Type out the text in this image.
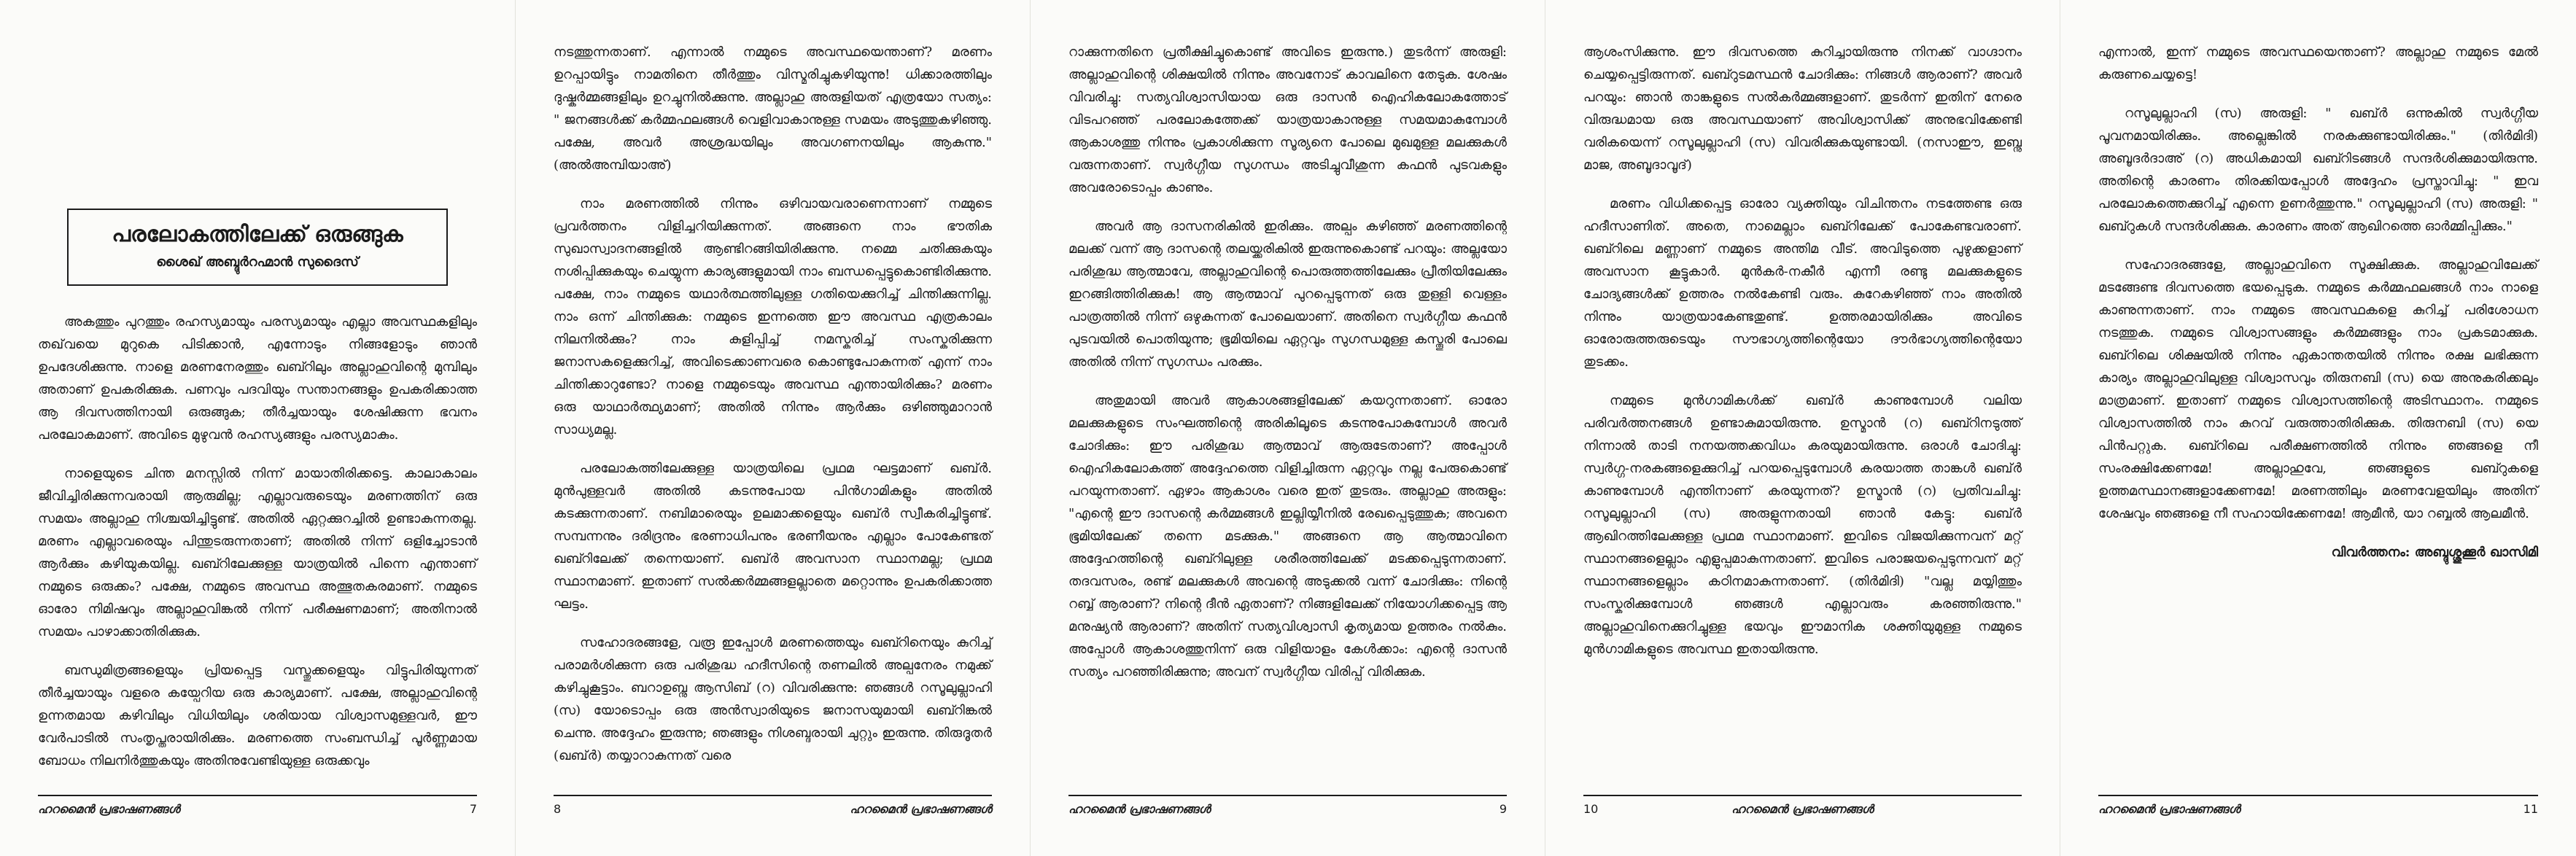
പരലോകത്തിലേക്ക് ഒരുങ്ങുക
ശൈഖ് അബ്ദുർറഹ്മാൻ സുദൈസ്

അകത്തും പുറത്തും രഹസ്യമായും പരസ്യമായും എല്ലാ അവസ്ഥകളിലും തഖ്‌വയെ മുറുകെ പിടിക്കാൻ, എന്നോടും നിങ്ങളോടും ഞാൻ ഉപദേശിക്കുന്നു. നാളെ മരണനേരത്തും ഖബ്റിലും അല്ലാഹുവിന്റെ മുമ്പിലും അതാണ് ഉപകരിക്കുക. പണവും പദവിയും സന്താനങ്ങളും ഉപകരിക്കാത്ത ആ ദിവസത്തിനായി ഒരുങ്ങുക; തീർച്ചയായും ശേഷിക്കുന്ന ഭവനം പരലോകമാണ്. അവിടെ മുഴുവൻ രഹസ്യങ്ങളും പരസ്യമാകും.

നാളെയുടെ ചിന്ത മനസ്സിൽ നിന്ന് മായാതിരിക്കട്ടെ. കാലാകാലം ജീവിച്ചിരിക്കുന്നവരായി ആരുമില്ല; എല്ലാവരുടെയും മരണത്തിന് ഒരു സമയം അല്ലാഹു നിശ്ചയിച്ചിട്ടുണ്ട്. അതിൽ ഏറ്റക്കുറച്ചിൽ ഉണ്ടാകുന്നതല്ല. മരണം എല്ലാവരെയും പിന്തുടരുന്നതാണ്; അതിൽ നിന്ന് ഒളിച്ചോടാൻ ആർക്കും കഴിയുകയില്ല. ഖബ്റിലേക്കുള്ള യാത്രയിൽ പിന്നെ എന്താണ് നമ്മുടെ ഒരുക്കം? പക്ഷേ, നമ്മുടെ അവസ്ഥ അത്ഭുതകരമാണ്. നമ്മുടെ ഓരോ നിമിഷവും അല്ലാഹുവിങ്കൽ നിന്ന് പരീക്ഷണമാണ്; അതിനാൽ സമയം പാഴാക്കാതിരിക്കുക.

ബന്ധുമിത്രങ്ങളെയും പ്രിയപ്പെട്ട വസ്തുക്കളെയും വിട്ടുപിരിയുന്നത് തീർച്ചയായും വളരെ കയ്പേറിയ ഒരു കാര്യമാണ്. പക്ഷേ, അല്ലാഹുവിന്റെ ഉന്നതമായ കഴിവിലും വിധിയിലും ശരിയായ വിശ്വാസമുള്ളവർ, ഈ വേർപാടിൽ സംതൃപ്തരായിരിക്കും. മരണത്തെ സംബന്ധിച്ച് പൂർണ്ണമായ ബോധം നിലനിർത്തുകയും അതിനുവേണ്ടിയുള്ള ഒരുക്കവും

ഹറമൈൻ പ്രഭാഷണങ്ങൾ	7

നടത്തുന്നതാണ്. എന്നാൽ നമ്മുടെ അവസ്ഥയെന്താണ്? മരണം ഉറപ്പായിട്ടും നാമതിനെ തീർത്തും വിസ്മരിച്ചുകഴിയുന്നു! ധിക്കാരത്തിലും ദുഷ്കർമ്മങ്ങളിലും ഉറച്ചുനിൽക്കുന്നു. അല്ലാഹു അരുളിയത് എത്രയോ സത്യം: " ജനങ്ങൾക്ക് കർമ്മഫലങ്ങൾ വെളിവാകാനുള്ള സമയം അടുത്തുകഴിഞ്ഞു. പക്ഷേ, അവർ അശ്രദ്ധയിലും അവഗണനയിലും ആകുന്നു." (അൽഅമ്പിയാഅ്)

നാം മരണത്തിൽ നിന്നും ഒഴിവായവരാണെന്നാണ് നമ്മുടെ പ്രവർത്തനം വിളിച്ചറിയിക്കുന്നത്. അങ്ങനെ നാം ഭൗതിക സുഖാസ്വാദനങ്ങളിൽ ആണ്ടിറങ്ങിയിരിക്കുന്നു. നമ്മെ ചതിക്കുകയും നശിപ്പിക്കുകയും ചെയ്യുന്ന കാര്യങ്ങളുമായി നാം ബന്ധപ്പെട്ടുകൊണ്ടിരിക്കുന്നു. പക്ഷേ, നാം നമ്മുടെ യഥാർത്ഥത്തിലുള്ള ഗതിയെക്കുറിച്ച് ചിന്തിക്കുന്നില്ല. നാം ഒന്ന് ചിന്തിക്കുക: നമ്മുടെ ഇന്നത്തെ ഈ അവസ്ഥ എത്രകാലം നിലനിൽക്കും? നാം കുളിപ്പിച്ച് നമസ്കരിച്ച് സംസ്കരിക്കുന്ന ജനാസകളെക്കുറിച്ച്, അവിടെക്കാണവരെ കൊണ്ടുപോകുന്നത് എന്ന് നാം ചിന്തിക്കാറുണ്ടോ? നാളെ നമ്മുടെയും അവസ്ഥ എന്തായിരിക്കും? മരണം ഒരു യാഥാർത്ഥ്യമാണ്; അതിൽ നിന്നും ആർക്കും ഒഴിഞ്ഞുമാറാൻ സാധ്യമല്ല.

പരലോകത്തിലേക്കുള്ള യാത്രയിലെ പ്രഥമ ഘട്ടമാണ് ഖബ്ർ. മുൻപുള്ളവർ അതിൽ കടന്നുപോയ പിൻഗാമികളും അതിൽ കടക്കുന്നതാണ്. നബിമാരെയും ഉലമാക്കളെയും ഖബ്ർ സ്വീകരിച്ചിട്ടുണ്ട്. സമ്പന്നനും ദരിദ്രനും ഭരണാധിപനും ഭരണീയനും എല്ലാം പോകേണ്ടത് ഖബ്റിലേക്ക് തന്നെയാണ്. ഖബ്ർ അവസാന സ്ഥാനമല്ല; പ്രഥമ സ്ഥാനമാണ്. ഇതാണ് സൽക്കർമ്മങ്ങളല്ലാതെ മറ്റൊന്നും ഉപകരിക്കാത്ത ഘട്ടം.

സഹോദരങ്ങളേ, വരൂ ഇപ്പോൾ മരണത്തെയും ഖബ്റിനെയും കുറിച്ച് പരാമർശിക്കുന്ന ഒരു പരിശുദ്ധ ഹദീസിന്റെ തണലിൽ അല്പനേരം നമുക്ക് കഴിച്ചുകൂട്ടാം. ബറാഉബ്നു ആസിബ് (റ) വിവരിക്കുന്നു: ഞങ്ങൾ റസൂലുല്ലാഹി (സ) യോടൊപ്പം ഒരു അൻസ്വാരിയുടെ ജനാസയുമായി ഖബ്റിങ്കൽ ചെന്നു. അദ്ദേഹം ഇരുന്നു; ഞങ്ങളും നിശബ്ദരായി ചുറ്റും ഇരുന്നു. തിരുദൂതർ (ഖബ്ർ) തയ്യാറാകുന്നത് വരെ

8	ഹറമൈൻ പ്രഭാഷണങ്ങൾ

റാക്കുന്നതിനെ പ്രതീക്ഷിച്ചുകൊണ്ട് അവിടെ ഇരുന്നു.) തുടർന്ന് അരുളി: അല്ലാഹുവിന്റെ ശിക്ഷയിൽ നിന്നും അവനോട് കാവലിനെ തേടുക. ശേഷം വിവരിച്ചു: സത്യവിശ്വാസിയായ ഒരു ദാസൻ ഐഹികലോകത്തോട് വിടപറഞ്ഞ് പരലോകത്തേക്ക് യാത്രയാകാനുള്ള സമയമാകുമ്പോൾ ആകാശത്തു നിന്നും പ്രകാശിക്കുന്ന സൂര്യനെ പോലെ മുഖമുള്ള മലക്കുകൾ വരുന്നതാണ്. സ്വർഗ്ഗീയ സുഗന്ധം അടിച്ചുവീശുന്ന കഫൻ പുടവകളും അവരോടൊപ്പം കാണും.

അവർ ആ ദാസനരികിൽ ഇരിക്കും. അല്പം കഴിഞ്ഞ് മരണത്തിന്റെ മലക്ക് വന്ന് ആ ദാസന്റെ തലയ്ക്കരികിൽ ഇരുന്നുകൊണ്ട് പറയും: അല്ലയോ പരിശുദ്ധ ആത്മാവേ, അല്ലാഹുവിന്റെ പൊരുത്തത്തിലേക്കും പ്രീതിയിലേക്കും ഇറങ്ങിത്തിരിക്കുക! ആ ആത്മാവ് പുറപ്പെടുന്നത് ഒരു തുള്ളി വെള്ളം പാത്രത്തിൽ നിന്ന് ഒഴുകുന്നത് പോലെയാണ്. അതിനെ സ്വർഗ്ഗീയ കഫൻ പുടവയിൽ പൊതിയുന്നു; ഭൂമിയിലെ ഏറ്റവും സുഗന്ധമുള്ള കസ്തൂരി പോലെ അതിൽ നിന്ന് സുഗന്ധം പരക്കും.

അതുമായി അവർ ആകാശങ്ങളിലേക്ക് കയറുന്നതാണ്. ഓരോ മലക്കുകളുടെ സംഘത്തിന്റെ അരികിലൂടെ കടന്നുപോകുമ്പോൾ അവർ ചോദിക്കും: ഈ പരിശുദ്ധ ആത്മാവ് ആരുടേതാണ്? അപ്പോൾ ഐഹികലോകത്ത് അദ്ദേഹത്തെ വിളിച്ചിരുന്ന ഏറ്റവും നല്ല പേരുകൊണ്ട് പറയുന്നതാണ്. ഏഴാം ആകാശം വരെ ഇത് തുടരും. അല്ലാഹു അരുളും: "എന്റെ ഈ ദാസന്റെ കർമ്മങ്ങൾ ഇല്ലിയ്യീനിൽ രേഖപ്പെടുത്തുക; അവനെ ഭൂമിയിലേക്ക് തന്നെ മടക്കുക." അങ്ങനെ ആ ആത്മാവിനെ അദ്ദേഹത്തിന്റെ ഖബ്റിലുള്ള ശരീരത്തിലേക്ക് മടക്കപ്പെടുന്നതാണ്. തദവസരം, രണ്ട് മലക്കുകൾ അവന്റെ അടുക്കൽ വന്ന് ചോദിക്കും: നിന്റെ റബ്ബ് ആരാണ്? നിന്റെ ദീൻ ഏതാണ്? നിങ്ങളിലേക്ക് നിയോഗിക്കപ്പെട്ട ആ മനുഷ്യൻ ആരാണ്? അതിന് സത്യവിശ്വാസി കൃത്യമായ ഉത്തരം നൽകും. അപ്പോൾ ആകാശത്തുനിന്ന് ഒരു വിളിയാളം കേൾക്കാം: എന്റെ ദാസൻ സത്യം പറഞ്ഞിരിക്കുന്നു; അവന് സ്വർഗ്ഗീയ വിരിപ്പ് വിരിക്കുക.

ഹറമൈൻ പ്രഭാഷണങ്ങൾ	9

ആശംസിക്കുന്നു. ഈ ദിവസത്തെ കുറിച്ചായിരുന്നു നിനക്ക് വാഗ്ദാനം ചെയ്യപ്പെട്ടിരുന്നത്. ഖബ്റുടമസ്ഥൻ ചോദിക്കും: നിങ്ങൾ ആരാണ്? അവർ പറയും: ഞാൻ താങ്കളുടെ സൽകർമ്മങ്ങളാണ്. തുടർന്ന് ഇതിന് നേരെ വിരുദ്ധമായ ഒരു അവസ്ഥയാണ് അവിശ്വാസിക്ക് അനുഭവിക്കേണ്ടി വരികയെന്ന് റസൂലുല്ലാഹി (സ) വിവരിക്കുകയുണ്ടായി. (നസാഈ, ഇബ്നു മാജ, അബൂദാവൂദ്)

മരണം വിധിക്കപ്പെട്ട ഓരോ വ്യക്തിയും വിചിന്തനം നടത്തേണ്ട ഒരു ഹദീസാണിത്. അതെ, നാമെല്ലാം ഖബ്റിലേക്ക് പോകേണ്ടവരാണ്. ഖബ്റിലെ മണ്ണാണ് നമ്മുടെ അന്തിമ വീട്. അവിടുത്തെ പുഴുക്കളാണ് അവസാന കൂട്ടുകാർ. മുൻകർ-നകീർ എന്നീ രണ്ടു മലക്കുകളുടെ ചോദ്യങ്ങൾക്ക് ഉത്തരം നൽകേണ്ടി വരും. കുറേകഴിഞ്ഞ് നാം അതിൽ നിന്നും യാത്രയാകേണ്ടതുണ്ട്. ഉത്തരമായിരിക്കും അവിടെ ഓരോരുത്തരുടെയും സൗഭാഗ്യത്തിന്റെയോ ദൗർഭാഗ്യത്തിന്റെയോ തുടക്കം.

നമ്മുടെ മുൻഗാമികൾക്ക് ഖബ്ർ കാണുമ്പോൾ വലിയ പരിവർത്തനങ്ങൾ ഉണ്ടാകുമായിരുന്നു. ഉസ്മാൻ (റ) ഖബ്റിനടുത്ത് നിന്നാൽ താടി നനയത്തക്കവിധം കരയുമായിരുന്നു. ഒരാൾ ചോദിച്ചു: സ്വർഗ്ഗ-നരകങ്ങളെക്കുറിച്ച് പറയപ്പെടുമ്പോൾ കരയാത്ത താങ്കൾ ഖബ്ർ കാണുമ്പോൾ എന്തിനാണ് കരയുന്നത്? ഉസ്മാൻ (റ) പ്രതിവചിച്ചു: റസൂലുല്ലാഹി (സ) അരുളുന്നതായി ഞാൻ കേട്ടു: ഖബ്ർ ആഖിറത്തിലേക്കുള്ള പ്രഥമ സ്ഥാനമാണ്. ഇവിടെ വിജയിക്കുന്നവന് മറ്റ് സ്ഥാനങ്ങളെല്ലാം എളുപ്പമാകുന്നതാണ്. ഇവിടെ പരാജയപ്പെടുന്നവന് മറ്റ് സ്ഥാനങ്ങളെല്ലാം കഠിനമാകുന്നതാണ്. (തിർമിദി) "വല്ല മയ്യിത്തും സംസ്കരിക്കുമ്പോൾ ഞങ്ങൾ എല്ലാവരും കരഞ്ഞിരുന്നു." അല്ലാഹുവിനെക്കുറിച്ചുള്ള ഭയവും ഈമാനിക ശക്തിയുമുള്ള നമ്മുടെ മുൻഗാമികളുടെ അവസ്ഥ ഇതായിരുന്നു.

10	ഹറമൈൻ പ്രഭാഷണങ്ങൾ

എന്നാൽ, ഇന്ന് നമ്മുടെ അവസ്ഥയെന്താണ്? അല്ലാഹു നമ്മുടെ മേൽ കരുണചെയ്യട്ടെ!

റസൂലുല്ലാഹി (സ) അരുളി: " ഖബ്ർ ഒന്നുകിൽ സ്വർഗ്ഗീയ പൂവനമായിരിക്കും. അല്ലെങ്കിൽ നരകക്കുണ്ടായിരിക്കും." (തിർമിദി) അബൂദർദാഅ് (റ) അധികമായി ഖബ്റിടങ്ങൾ സന്ദർശിക്കുമായിരുന്നു. അതിന്റെ കാരണം തിരക്കിയപ്പോൾ അദ്ദേഹം പ്രസ്താവിച്ചു: " ഇവ പരലോകത്തെക്കുറിച്ച് എന്നെ ഉണർത്തുന്നു." റസൂലുല്ലാഹി (സ) അരുളി: " ഖബ്റുകൾ സന്ദർശിക്കുക. കാരണം അത് ആഖിറത്തെ ഓർമ്മിപ്പിക്കും."

സഹോദരങ്ങളേ, അല്ലാഹുവിനെ സൂക്ഷിക്കുക. അല്ലാഹുവിലേക്ക് മടങ്ങേണ്ട ദിവസത്തെ ഭയപ്പെടുക. നമ്മുടെ കർമ്മഫലങ്ങൾ നാം നാളെ കാണുന്നതാണ്. നാം നമ്മുടെ അവസ്ഥകളെ കുറിച്ച് പരിശോധന നടത്തുക. നമ്മുടെ വിശ്വാസങ്ങളും കർമ്മങ്ങളും നാം പ്രകടമാക്കുക. ഖബ്റിലെ ശിക്ഷയിൽ നിന്നും ഏകാന്തതയിൽ നിന്നും രക്ഷ ലഭിക്കുന്ന കാര്യം അല്ലാഹുവിലുള്ള വിശ്വാസവും തിരുനബി (സ) യെ അനുകരിക്കലും മാത്രമാണ്. ഇതാണ് നമ്മുടെ വിശ്വാസത്തിന്റെ അടിസ്ഥാനം. നമ്മുടെ വിശ്വാസത്തിൽ നാം കുറവ് വരുത്താതിരിക്കുക. തിരുനബി (സ) യെ പിൻപറ്റുക. ഖബ്റിലെ പരീക്ഷണത്തിൽ നിന്നും ഞങ്ങളെ നീ സംരക്ഷിക്കേണമേ! അല്ലാഹുവേ, ഞങ്ങളുടെ ഖബ്റുകളെ ഉത്തമസ്ഥാനങ്ങളാക്കേണമേ! മരണത്തിലും മരണവേളയിലും അതിന് ശേഷവും ഞങ്ങളെ നീ സഹായിക്കേണമേ! ആമീൻ, യാ റബ്ബൽ ആലമീൻ.

വിവർത്തനം: അബ്ദുശ്ശുക്കൂർ ഖാസിമി

ഹറമൈൻ പ്രഭാഷണങ്ങൾ	11
